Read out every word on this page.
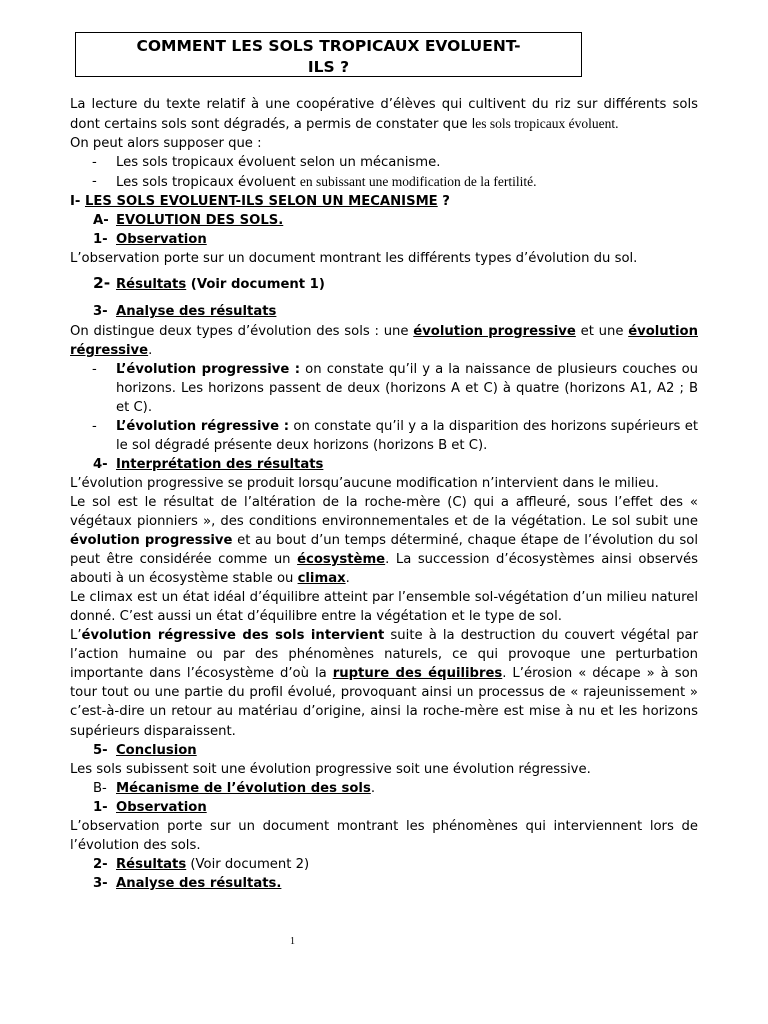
COMMENT LES SOLS TROPICAUX EVOLUENT-
ILS ?

La lecture du texte relatif à une coopérative d’élèves qui cultivent du riz sur différents sols dont certains sols sont dégradés, a permis de constater que les sols tropicaux évoluent.

On peut alors supposer que :

- Les sols tropicaux évoluent selon un mécanisme.

- Les sols tropicaux évoluent en subissant une modification de la fertilité.

I- LES SOLS EVOLUENT-ILS SELON UN MECANISME ?

A- EVOLUTION DES SOLS.

1- Observation

L’observation porte sur un document montrant les différents types d’évolution du sol.

2- Résultats (Voir document 1)

3- Analyse des résultats

On distingue deux types d’évolution des sols : une évolution progressive et une évolution régressive.

- L’évolution progressive : on constate qu’il y a la naissance de plusieurs couches ou horizons. Les horizons passent de deux (horizons A et C) à quatre (horizons A1, A2 ; B et C).

- L’évolution régressive : on constate qu’il y a la disparition des horizons supérieurs et le sol dégradé présente deux horizons (horizons B et C).

4- Interprétation des résultats

L’évolution progressive se produit lorsqu’aucune modification n’intervient dans le milieu.

Le sol est le résultat de l’altération de la roche-mère (C) qui a affleuré, sous l’effet des « végétaux pionniers », des conditions environnementales et de la végétation. Le sol subit une évolution progressive et au bout d’un temps déterminé, chaque étape de l’évolution du sol peut être considérée comme un écosystème. La succession d’écosystèmes ainsi observés abouti à un écosystème stable ou climax.

Le climax est un état idéal d’équilibre atteint par l’ensemble sol-végétation d’un milieu naturel donné. C’est aussi un état d’équilibre entre la végétation et le type de sol.

L’évolution régressive des sols intervient suite à la destruction du couvert végétal par l’action humaine ou par des phénomènes naturels, ce qui provoque une perturbation importante dans l’écosystème d’où la rupture des équilibres. L’érosion « décape » à son tour tout ou une partie du profil évolué, provoquant ainsi un processus de « rajeunissement » c’est-à-dire un retour au matériau d’origine, ainsi la roche-mère est mise à nu et les horizons supérieurs disparaissent.

5- Conclusion

Les sols subissent soit une évolution progressive soit une évolution régressive.

B- Mécanisme de l’évolution des sols.

1- Observation

L’observation porte sur un document montrant les phénomènes qui interviennent lors de l’évolution des sols.

2- Résultats (Voir document 2)

3- Analyse des résultats.

1
